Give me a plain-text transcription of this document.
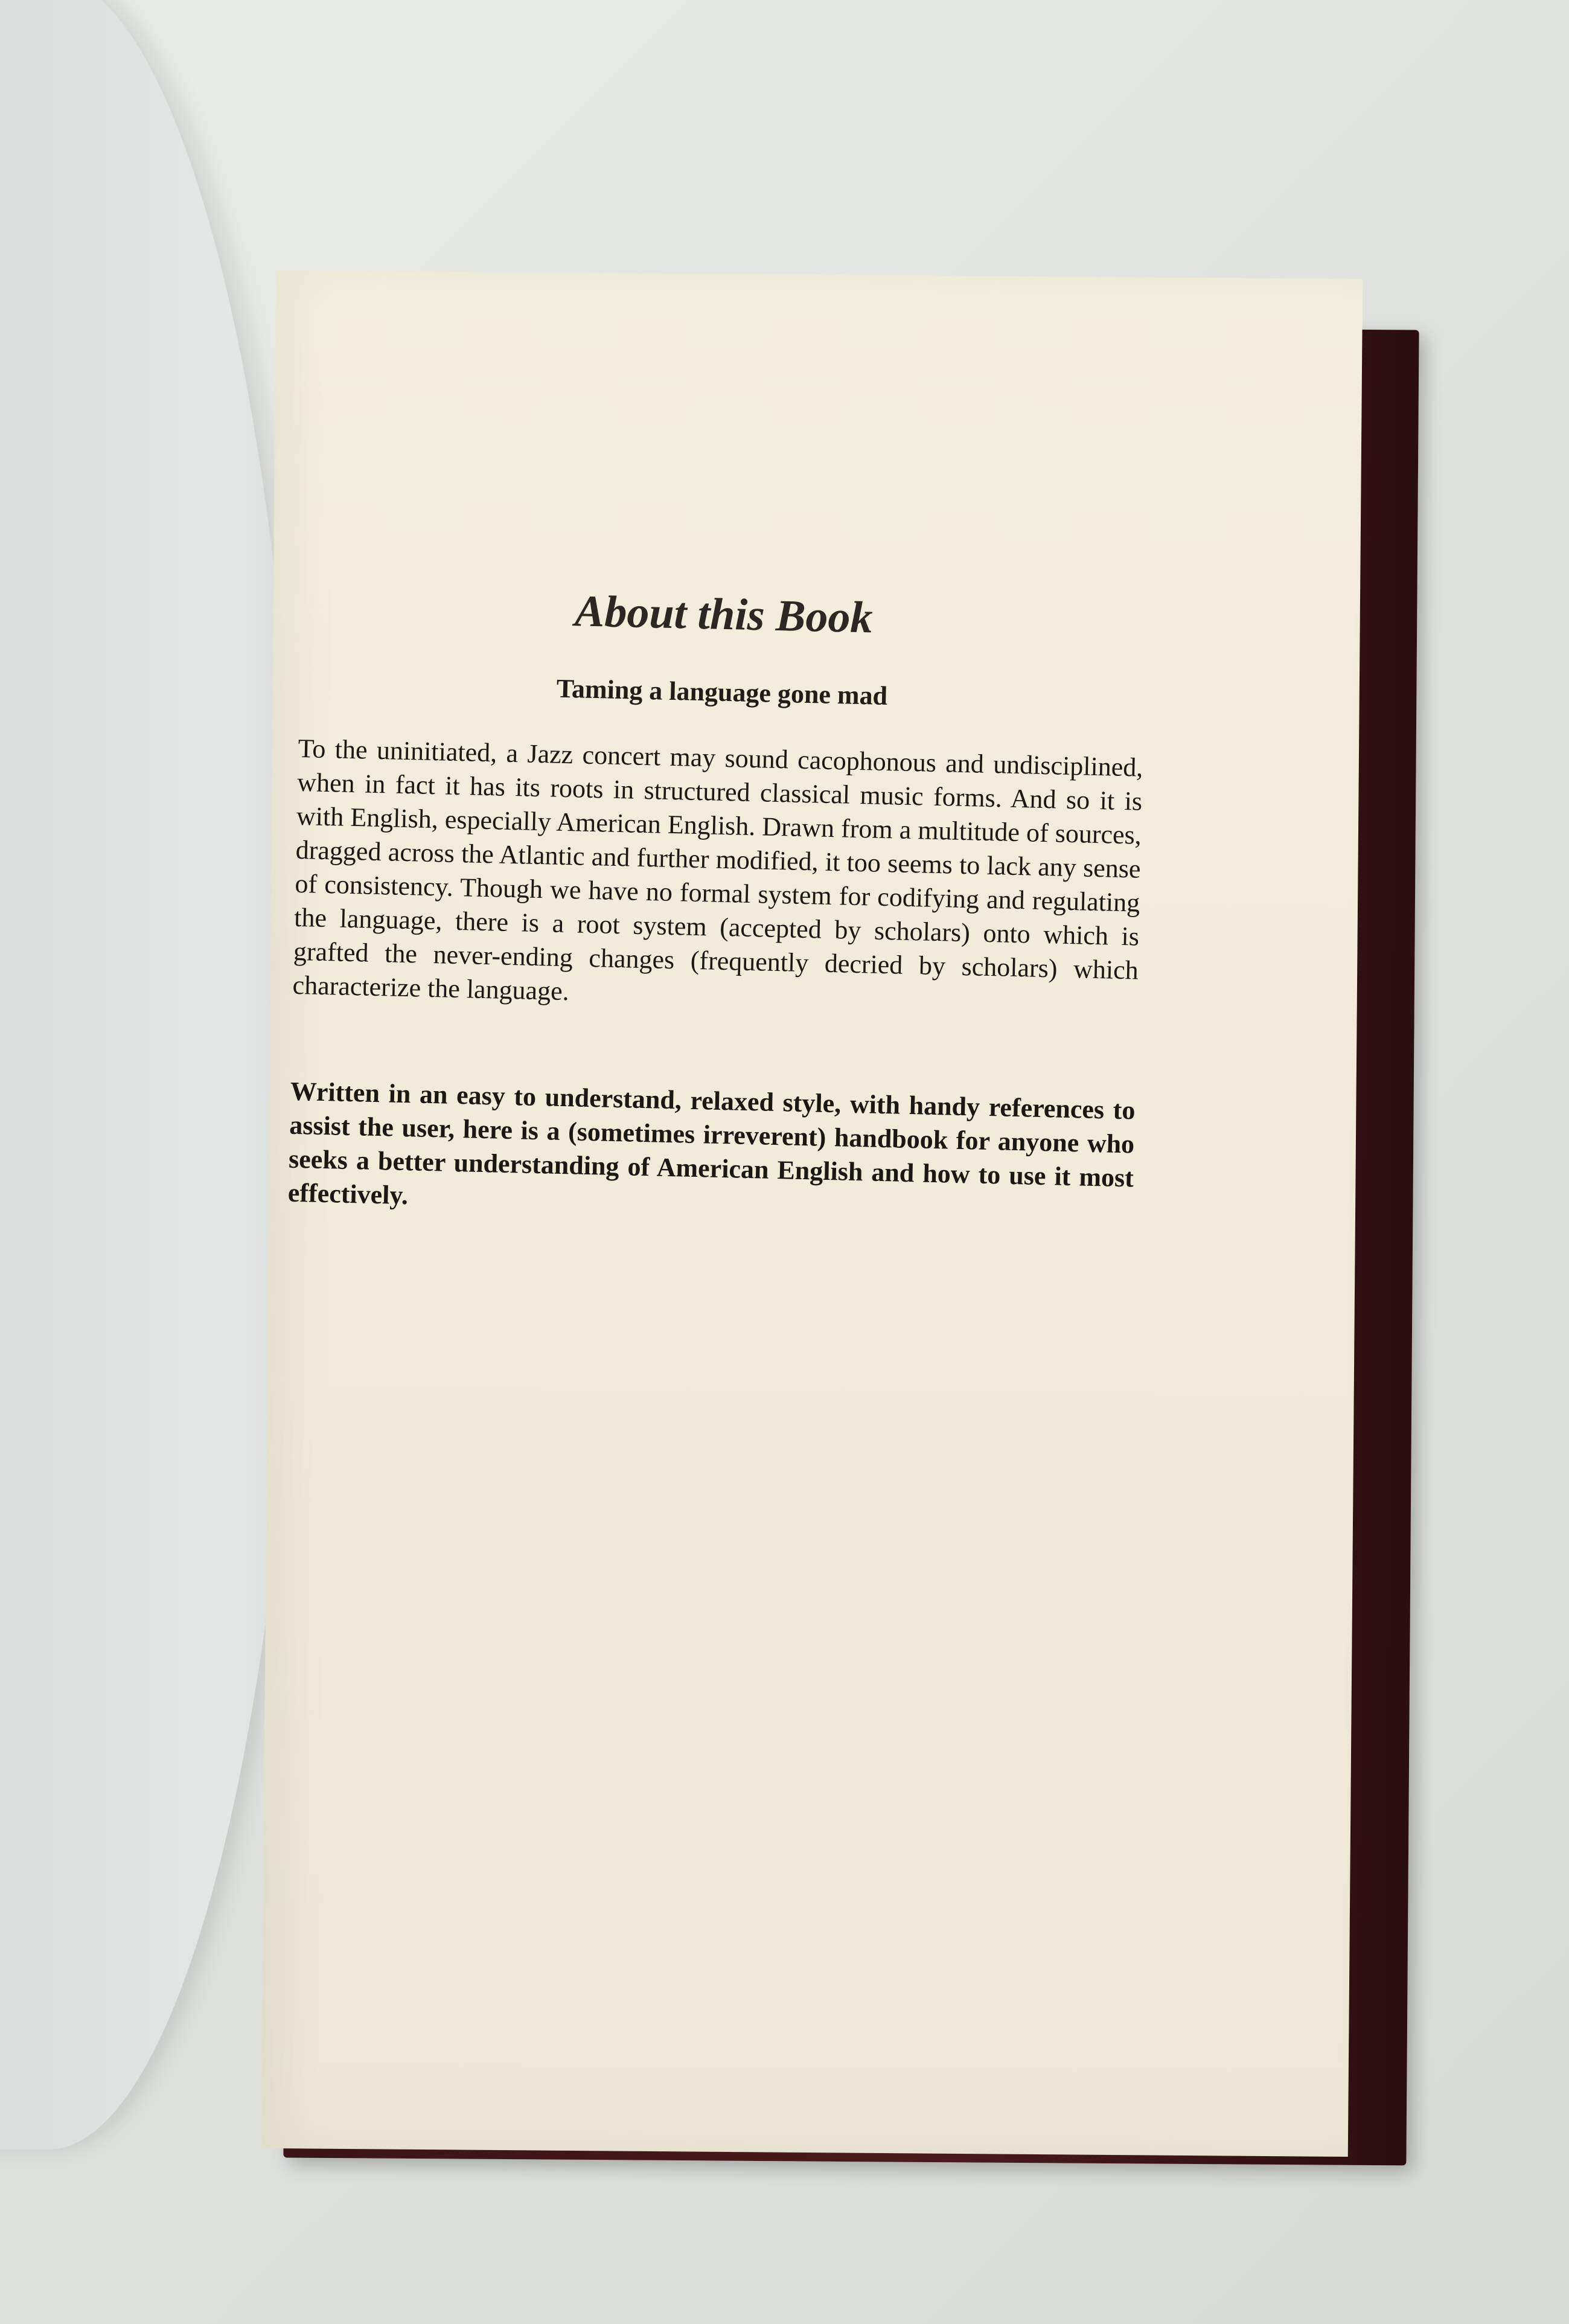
About this Book
Taming a language gone mad

To the uninitiated, a Jazz concert may sound cacophonous and undisciplined, when in fact it has its roots in structured classical music forms. And so it is with English, especially American English. Drawn from a multitude of sources, dragged across the Atlantic and further modified, it too seems to lack any sense of consistency. Though we have no formal system for codifying and regulating the language, there is a root system (accepted by scholars) onto which is grafted the never-ending changes (frequently decried by scholars) which characterize the language.

Written in an easy to understand, relaxed style, with handy references to assist the user, here is a (sometimes irreverent) handbook for anyone who seeks a better understanding of American English and how to use it most effectively.
